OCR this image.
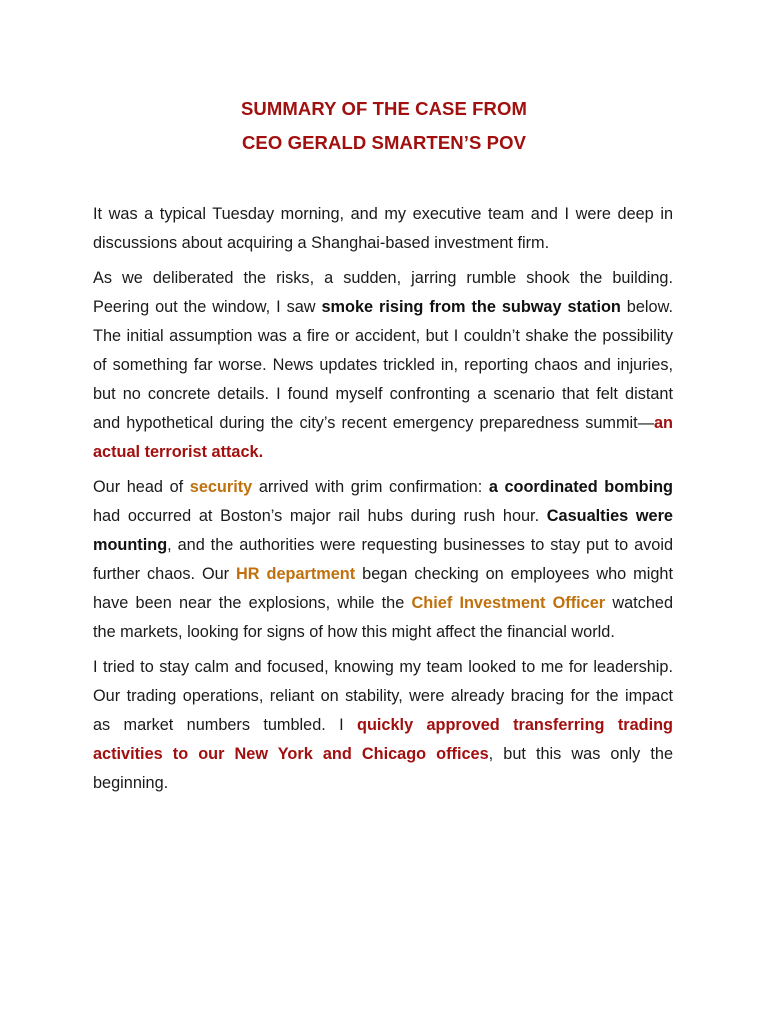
SUMMARY OF THE CASE FROM
CEO GERALD SMARTEN’S POV

It was a typical Tuesday morning, and my executive team and I were deep in discussions about acquiring a Shanghai-based investment firm.

As we deliberated the risks, a sudden, jarring rumble shook the building. Peering out the window, I saw smoke rising from the subway station below. The initial assumption was a fire or accident, but I couldn’t shake the possibility of something far worse. News updates trickled in, reporting chaos and injuries, but no concrete details. I found myself confronting a scenario that felt distant and hypothetical during the city’s recent emergency preparedness summit—an actual terrorist attack.

Our head of security arrived with grim confirmation: a coordinated bombing had occurred at Boston’s major rail hubs during rush hour. Casualties were mounting, and the authorities were requesting businesses to stay put to avoid further chaos. Our HR department began checking on employees who might have been near the explosions, while the Chief Investment Officer watched the markets, looking for signs of how this might affect the financial world.

I tried to stay calm and focused, knowing my team looked to me for leadership. Our trading operations, reliant on stability, were already bracing for the impact as market numbers tumbled. I quickly approved transferring trading activities to our New York and Chicago offices, but this was only the beginning.
